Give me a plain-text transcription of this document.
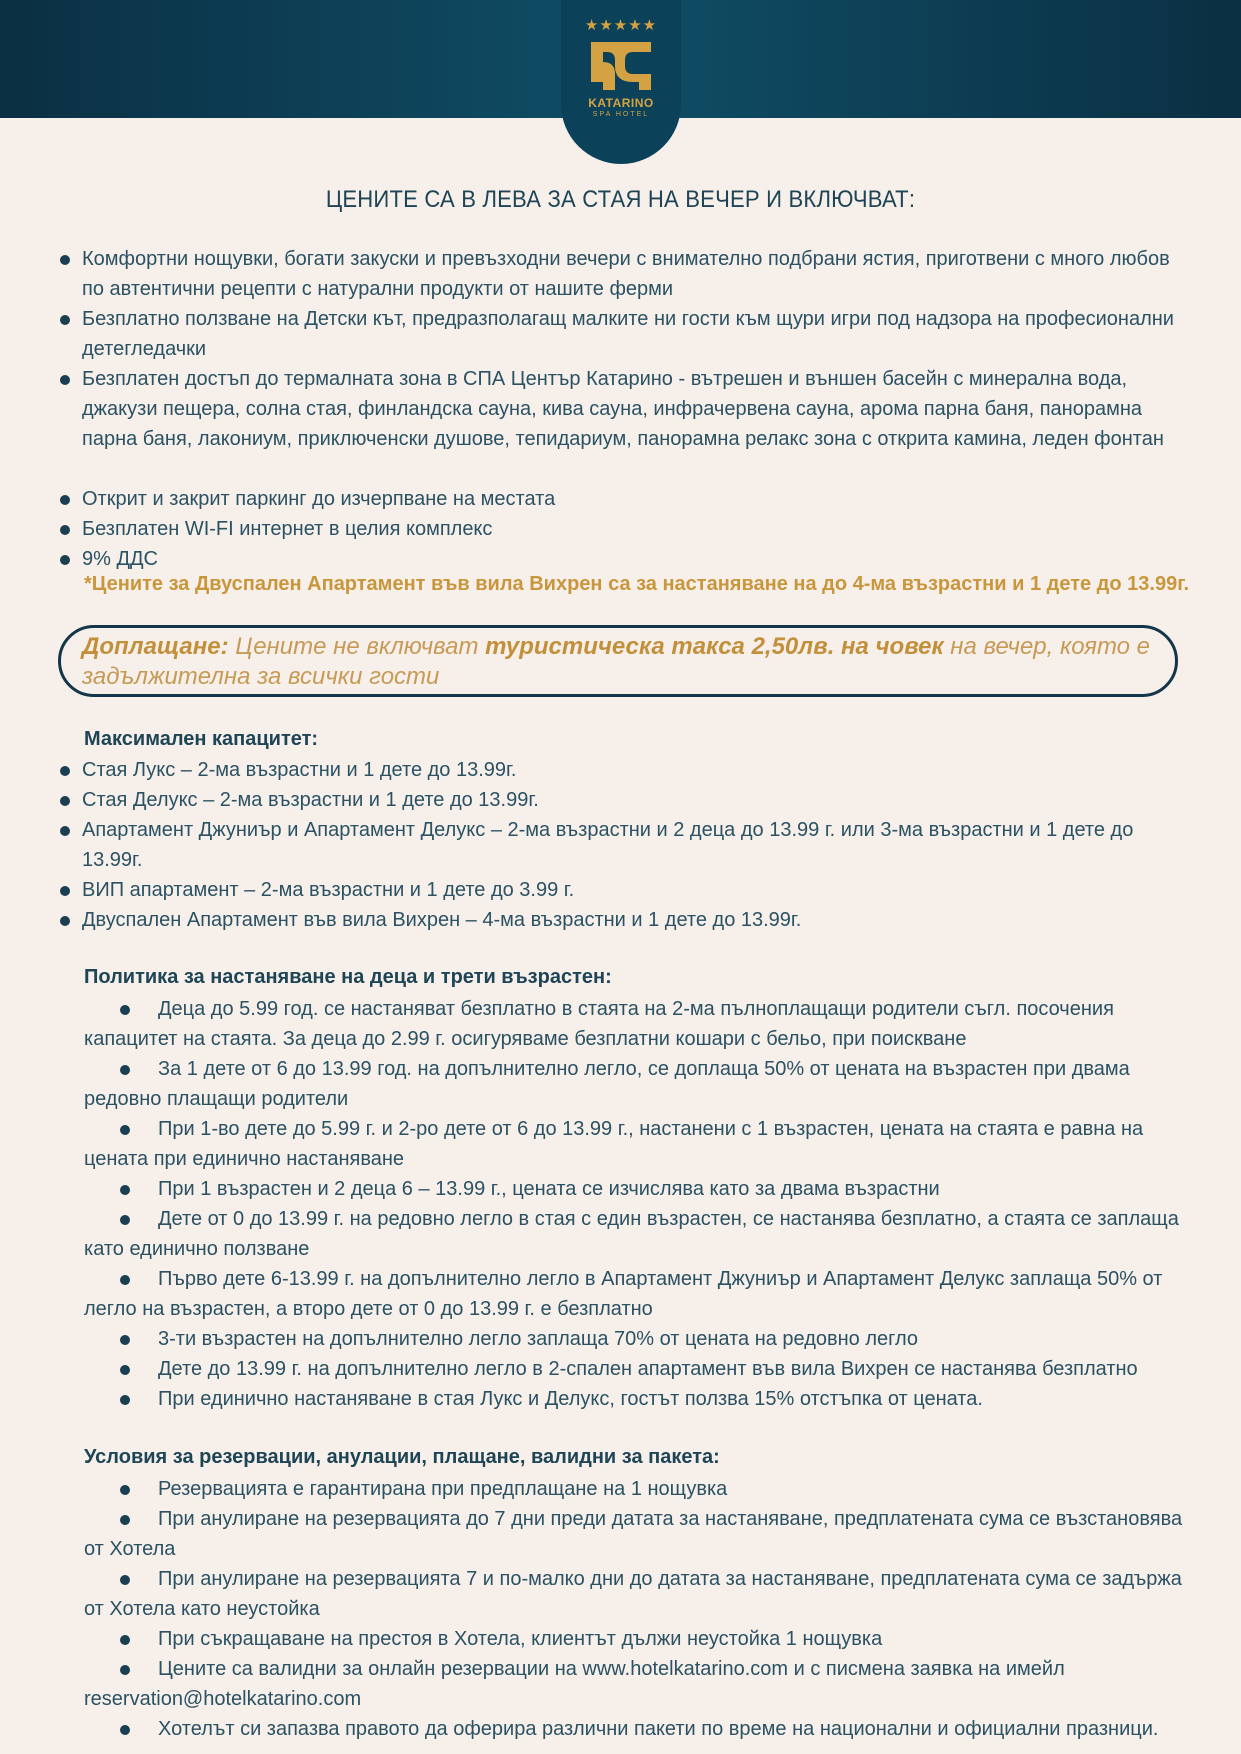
★★★★★
KATARINO
SPA HOTEL
ЦЕНИТЕ СА В ЛЕВА ЗА СТАЯ НА ВЕЧЕР И ВКЛЮЧВАТ:
Комфортни нощувки, богати закуски и превъзходни вечери с внимателно подбрани ястия, приготвени с много любов по автентични рецепти с натурални продукти от нашите ферми
Безплатно ползване на Детски кът, предразполагащ малките ни гости към щури игри под надзора на професионални детегледачки
Безплатен достъп до термалната зона в СПА Център Катарино - вътрешен и външен басейн с минерална вода, джакузи пещера, солна стая, финландска сауна, кива сауна, инфрачервена сауна, арома парна баня, панорамна парна баня, лакониум, приключенски душове, тепидариум, панорамна релакс зона с открита камина, леден фонтан
Открит и закрит паркинг до изчерпване на местата
Безплатен WI-FI интернет в целия комплекс
9% ДДС
*Цените за Двуспален Апартамент във вила Вихрен са за настаняване на до 4-ма възрастни и 1 дете до 13.99г.
Доплащане: Цените не включват туристическа такса 2,50лв. на човек на вечер, която е задължителна за всички гости
Максимален капацитет:
Стая Лукс – 2-ма възрастни и 1 дете до 13.99г.
Стая Делукс – 2-ма възрастни и 1 дете до 13.99г.
Апартамент Джуниър и Апартамент Делукс – 2-ма възрастни и 2 деца до 13.99 г. или 3-ма възрастни и 1 дете до 13.99г.
ВИП апартамент – 2-ма възрастни и 1 дете до 3.99 г.
Двуспален Апартамент във вила Вихрен – 4-ма възрастни и 1 дете до 13.99г.
Политика за настаняване на деца и трети възрастен:
Деца до 5.99 год. се настаняват безплатно в стаята на 2-ма пълноплащащи родители съгл. посочения капацитет на стаята. За деца до 2.99 г. осигуряваме безплатни кошари с бельо, при поискване
За 1 дете от 6 до 13.99 год. на допълнително легло, се доплаща 50% от цената на възрастен при двама редовно плащащи родители
При 1-во дете до 5.99 г. и 2-ро дете от 6 до 13.99 г., настанени с 1 възрастен, цената на стаята е равна на цената при единично настаняване
При 1 възрастен и 2 деца 6 – 13.99 г., цената се изчислява като за двама възрастни
Дете от 0 до 13.99 г. на редовно легло в стая с един възрастен, се настанява безплатно, а стаята се заплаща като единично ползване
Първо дете 6-13.99 г. на допълнително легло в Апартамент Джуниър и Апартамент Делукс заплаща 50% от легло на възрастен, а второ дете от 0 до 13.99 г. е безплатно
3-ти възрастен на допълнително легло заплаща 70% от цената на редовно легло
Дете до 13.99 г. на допълнително легло в 2-спален апартамент във вила Вихрен се настанява безплатно
При единично настаняване в стая Лукс и Делукс, гостът ползва 15% отстъпка от цената.
Условия за резервации, анулации, плащане, валидни за пакета:
Резервацията е гарантирана при предплащане на 1 нощувка
При анулиране на резервацията до 7 дни преди датата за настаняване, предплатената сума се възстановява от Хотела
При анулиране на резервацията 7 и по-малко дни до датата за настаняване, предплатената сума се задържа от Хотела като неустойка
При съкращаване на престоя в Хотела, клиентът дължи неустойка 1 нощувка
Цените са валидни за онлайн резервации на www.hotelkatarino.com и с писмена заявка на имейл reservation@hotelkatarino.com
Хотелът си запазва правото да оферира различни пакети по време на национални и официални празници.
